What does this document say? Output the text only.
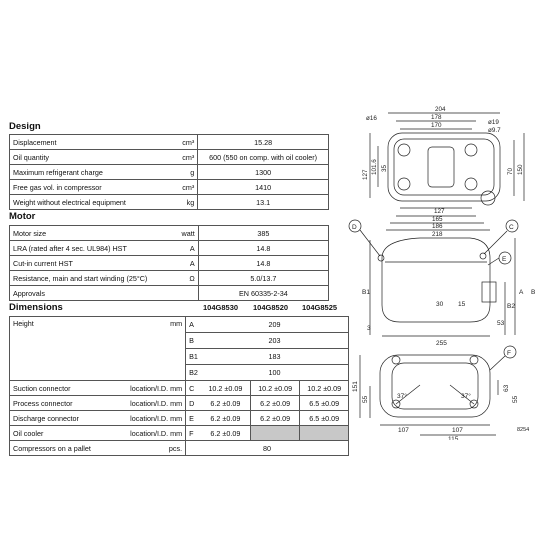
Design
Displacement	cm³	15.28
Oil quantity	cm³	600 (550 on comp. with oil cooler)
Maximum refrigerant charge	g	1300
Free gas vol. in compressor	cm³	1410
Weight without electrical equipment	kg	13.1
Motor
Motor size	watt	385
LRA (rated after 4 sec. UL984) HST	A	14.8
Cut-in current HST	A	14.8
Resistance, main and start winding (25°C)	Ω	5.0/13.7
Approvals		EN 60335-2-34
Dimensions	104G8530 104G8520 104G8525
Height	mm	A	209		
		B	203		
		B1	183		
		B2	100		
Suction connector	location/I.D. mm	C	10.2 ±0.09	10.2 ±0.09	10.2 ±0.09
Process connector	location/I.D. mm	D	6.2 ±0.09	6.2 ±0.09	6.5 ±0.09
Discharge connector	location/I.D. mm	E	6.2 ±0.09	6.2 ±0.09	6.5 ±0.09
Oil cooler	location/I.D. mm	F	6.2 ±0.09		
Compressors on a pallet	pcs.	80			
204
178
170
ø16
ø19
ø9.7
127
165
186
218
127 101.6 35	70 150
B1	A B
E
B2
30 15
53
3
255
D	C
151
55	37°	37°
F
63
55
107	107
115
8254
